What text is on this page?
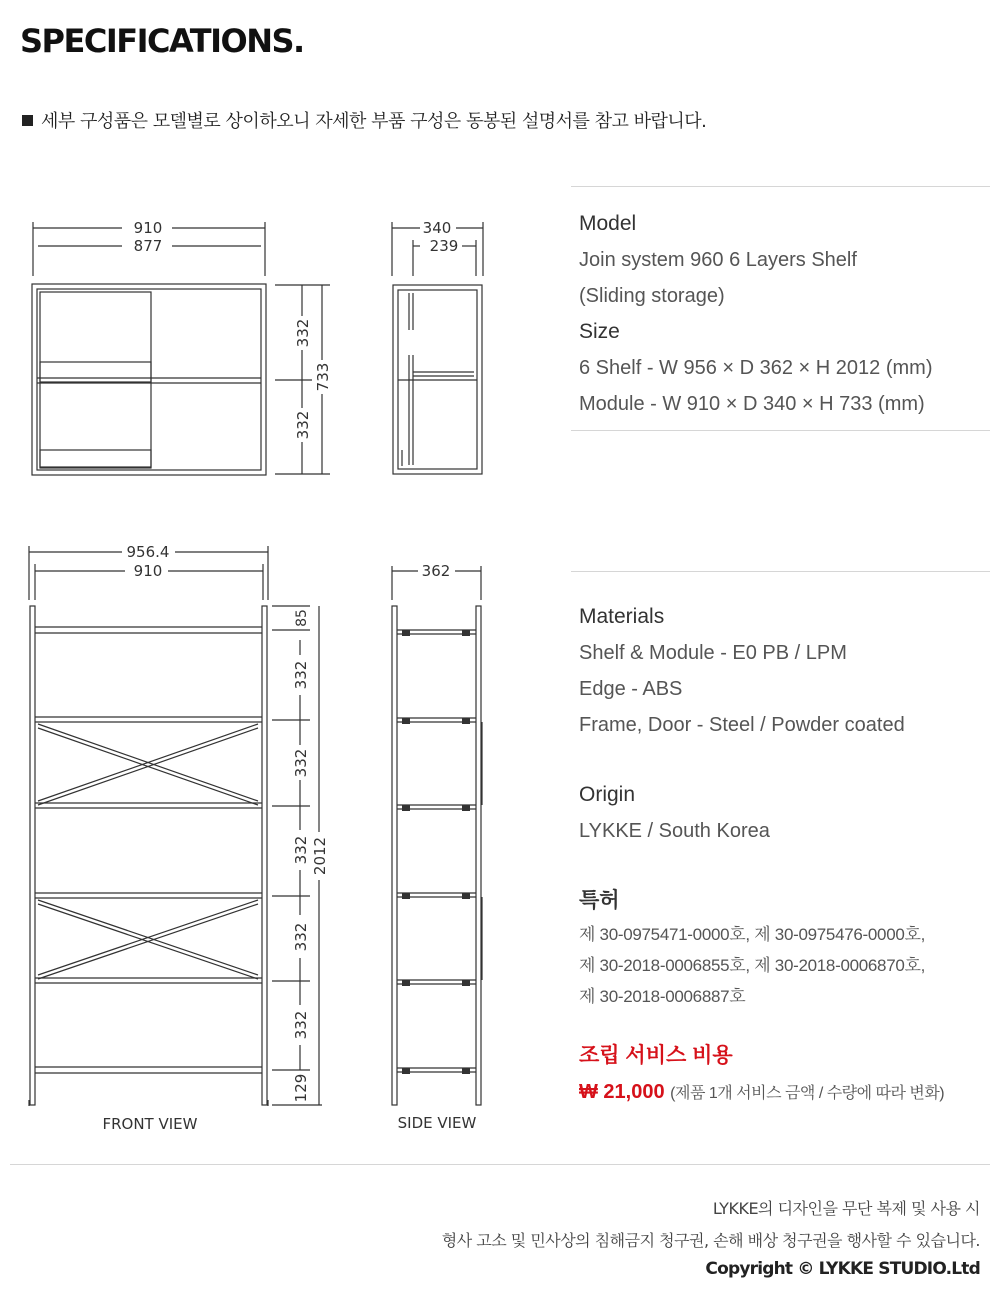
SPECIFICATIONS.
세부 구성품은 모델별로 상이하오니 자세한 부품 구성은 동봉된 설명서를 참고 바랍니다.
910
877
332
332
733
340
239
956.4
910
85
332
332
332
332
332
129
2012
362
FRONT VIEW	SIDE VIEW
Model
Join system 960 6 Layers Shelf
(Sliding storage)
Size
6 Shelf - W 956 × D 362 × H 2012 (mm)
Module - W 910 × D 340 × H 733 (mm)
Materials
Shelf & Module - E0 PB / LPM
Edge - ABS
Frame, Door - Steel / Powder coated
Origin
LYKKE / South Korea
특허
제 30-0975471-0000호, 제 30-0975476-0000호,
제 30-2018-0006855호, 제 30-2018-0006870호,
제 30-2018-0006887호
조립 서비스 비용
₩ 21,000 (제품 1개 서비스 금액 / 수량에 따라 변화)
LYKKE의 디자인을 무단 복제 및 사용 시
형사 고소 및 민사상의 침해금지 청구권, 손해 배상 청구권을 행사할 수 있습니다.
Copyright © LYKKE STUDIO.Ltd
